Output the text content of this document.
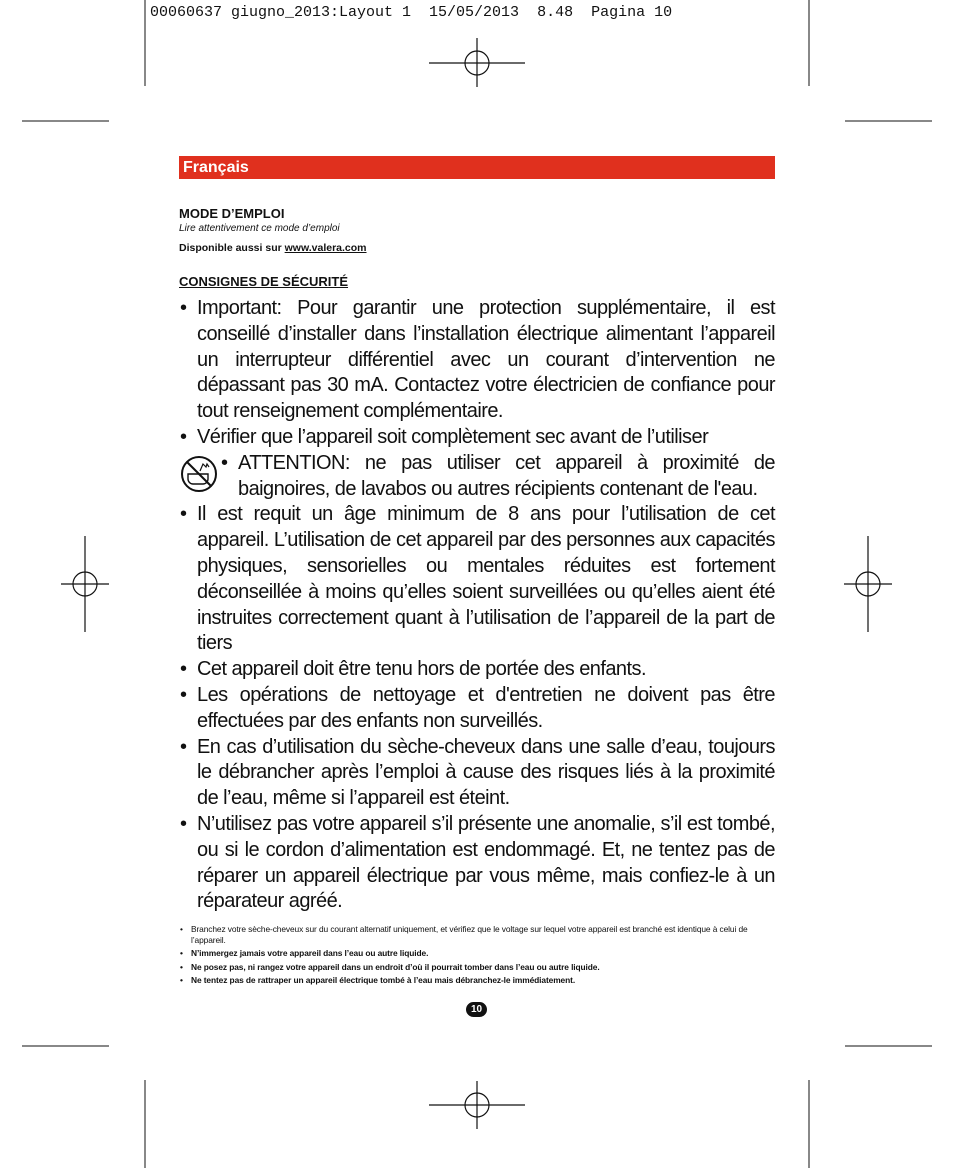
00060637 giugno_2013:Layout 1  15/05/2013  8.48  Pagina 10
Français
MODE D’EMPLOI
Lire attentivement ce mode d’emploi
Disponible aussi sur www.valera.com
CONSIGNES DE SÉCURITÉ
• Important: Pour garantir une protection supplémentaire, il est conseillé d’installer dans l’installation électrique alimentant l’appareil un interrupteur différentiel avec un courant d’intervention ne dépassant pas 30 mA. Contactez votre électricien de confiance pour tout renseignement complémentaire.
• Vérifier que l’appareil soit complètement sec avant de l’utiliser
• ATTENTION: ne pas utiliser cet appareil à proximité de baignoires, de lavabos ou autres récipients contenant de l'eau.
• Il est requit un âge minimum de 8 ans pour l’utilisation de cet appareil. L’utilisation de cet appareil par des personnes aux capacités physiques, sensorielles ou mentales réduites est fortement déconseillée à moins qu’elles soient surveillées ou qu’elles aient été instruites correctement quant à l’utilisation de l’appareil de la part de tiers
• Cet appareil doit être tenu hors de portée des enfants.
• Les opérations de nettoyage et d'entretien ne doivent pas être effectuées par des enfants non surveillés.
• En cas d’utilisation du sèche-cheveux dans une salle d’eau, toujours le débrancher après l’emploi à cause des risques liés à la proximité de l’eau, même si l’appareil est éteint.
• N’utilisez pas votre appareil s’il présente une anomalie, s’il est tombé, ou si le cordon d’alimentation est endommagé. Et, ne tentez pas de réparer un appareil électrique par vous même, mais confiez-le à un réparateur agréé.
• Branchez votre sèche-cheveux sur du courant alternatif uniquement, et vérifiez que le voltage sur lequel votre appareil est branché est identique à celui de l’appareil.
• N’immergez jamais votre appareil dans l’eau ou autre liquide.
• Ne posez pas, ni rangez votre appareil dans un endroit d’où il pourrait tomber dans l’eau ou autre liquide.
• Ne tentez pas de rattraper un appareil électrique tombé à l’eau mais débranchez-le immédiatement.
10
